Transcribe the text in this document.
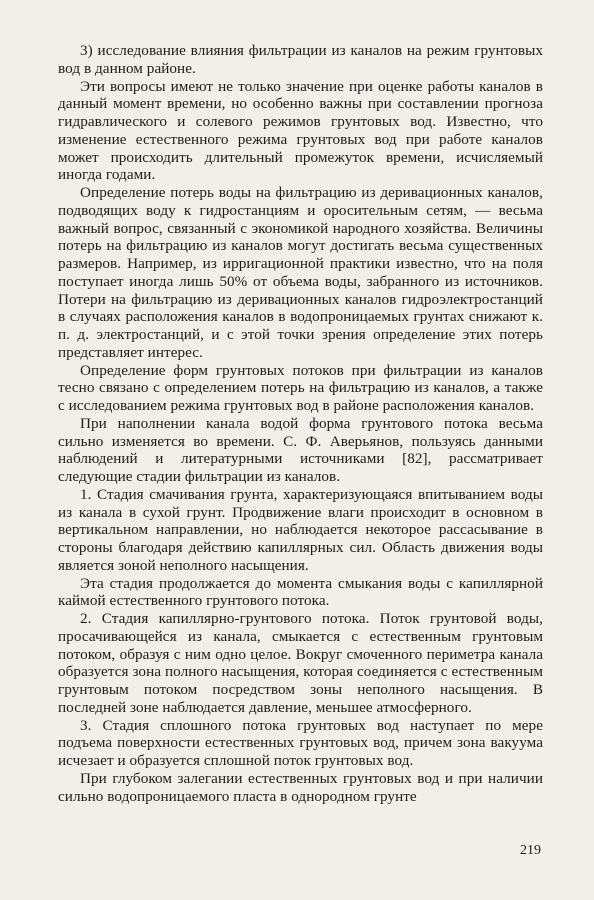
3) исследование влияния фильтрации из каналов на режим грунтовых вод в данном районе.

Эти вопросы имеют не только значение при оценке работы каналов в данный момент времени, но особенно важны при составлении прогноза гидравлического и солевого режимов грунтовых вод. Известно, что изменение естественного режима грунтовых вод при работе каналов может происходить длительный промежуток времени, исчисляемый иногда годами.

Определение потерь воды на фильтрацию из деривационных каналов, подводящих воду к гидростанциям и оросительным сетям, — весьма важный вопрос, связанный с экономикой народного хозяйства. Величины потерь на фильтрацию из каналов могут достигать весьма существенных размеров. Например, из ирригационной практики известно, что на поля поступает иногда лишь 50% от объема воды, забранного из источников. Потери на фильтрацию из деривационных каналов гидроэлектростанций в случаях расположения каналов в водопроницаемых грунтах снижают к. п. д. электростанций, и с этой точки зрения определение этих потерь представляет интерес.

Определение форм грунтовых потоков при фильтрации из каналов тесно связано с определением потерь на фильтрацию из каналов, а также с исследованием режима грунтовых вод в районе расположения каналов.

При наполнении канала водой форма грунтового потока весьма сильно изменяется во времени. С. Ф. Аверьянов, пользуясь данными наблюдений и литературными источниками [82], рассматривает следующие стадии фильтрации из каналов.

1. Стадия смачивания грунта, характеризующаяся впитыванием воды из канала в сухой грунт. Продвижение влаги происходит в основном в вертикальном направлении, но наблюдается некоторое рассасывание в стороны благодаря действию капиллярных сил. Область движения воды является зоной неполного насыщения.

Эта стадия продолжается до момента смыкания воды с капиллярной каймой естественного грунтового потока.

2. Стадия капиллярно-грунтового потока. Поток грунтовой воды, просачивающейся из канала, смыкается с естественным грунтовым потоком, образуя с ним одно целое. Вокруг смоченного периметра канала образуется зона полного насыщения, которая соединяется с естественным грунтовым потоком посредством зоны неполного насыщения. В последней зоне наблюдается давление, меньшее атмосферного.

3. Стадия сплошного потока грунтовых вод наступает по мере подъема поверхности естественных грунтовых вод, причем зона вакуума исчезает и образуется сплошной поток грунтовых вод.

При глубоком залегании естественных грунтовых вод и при наличии сильно водопроницаемого пласта в однородном грунте

219
